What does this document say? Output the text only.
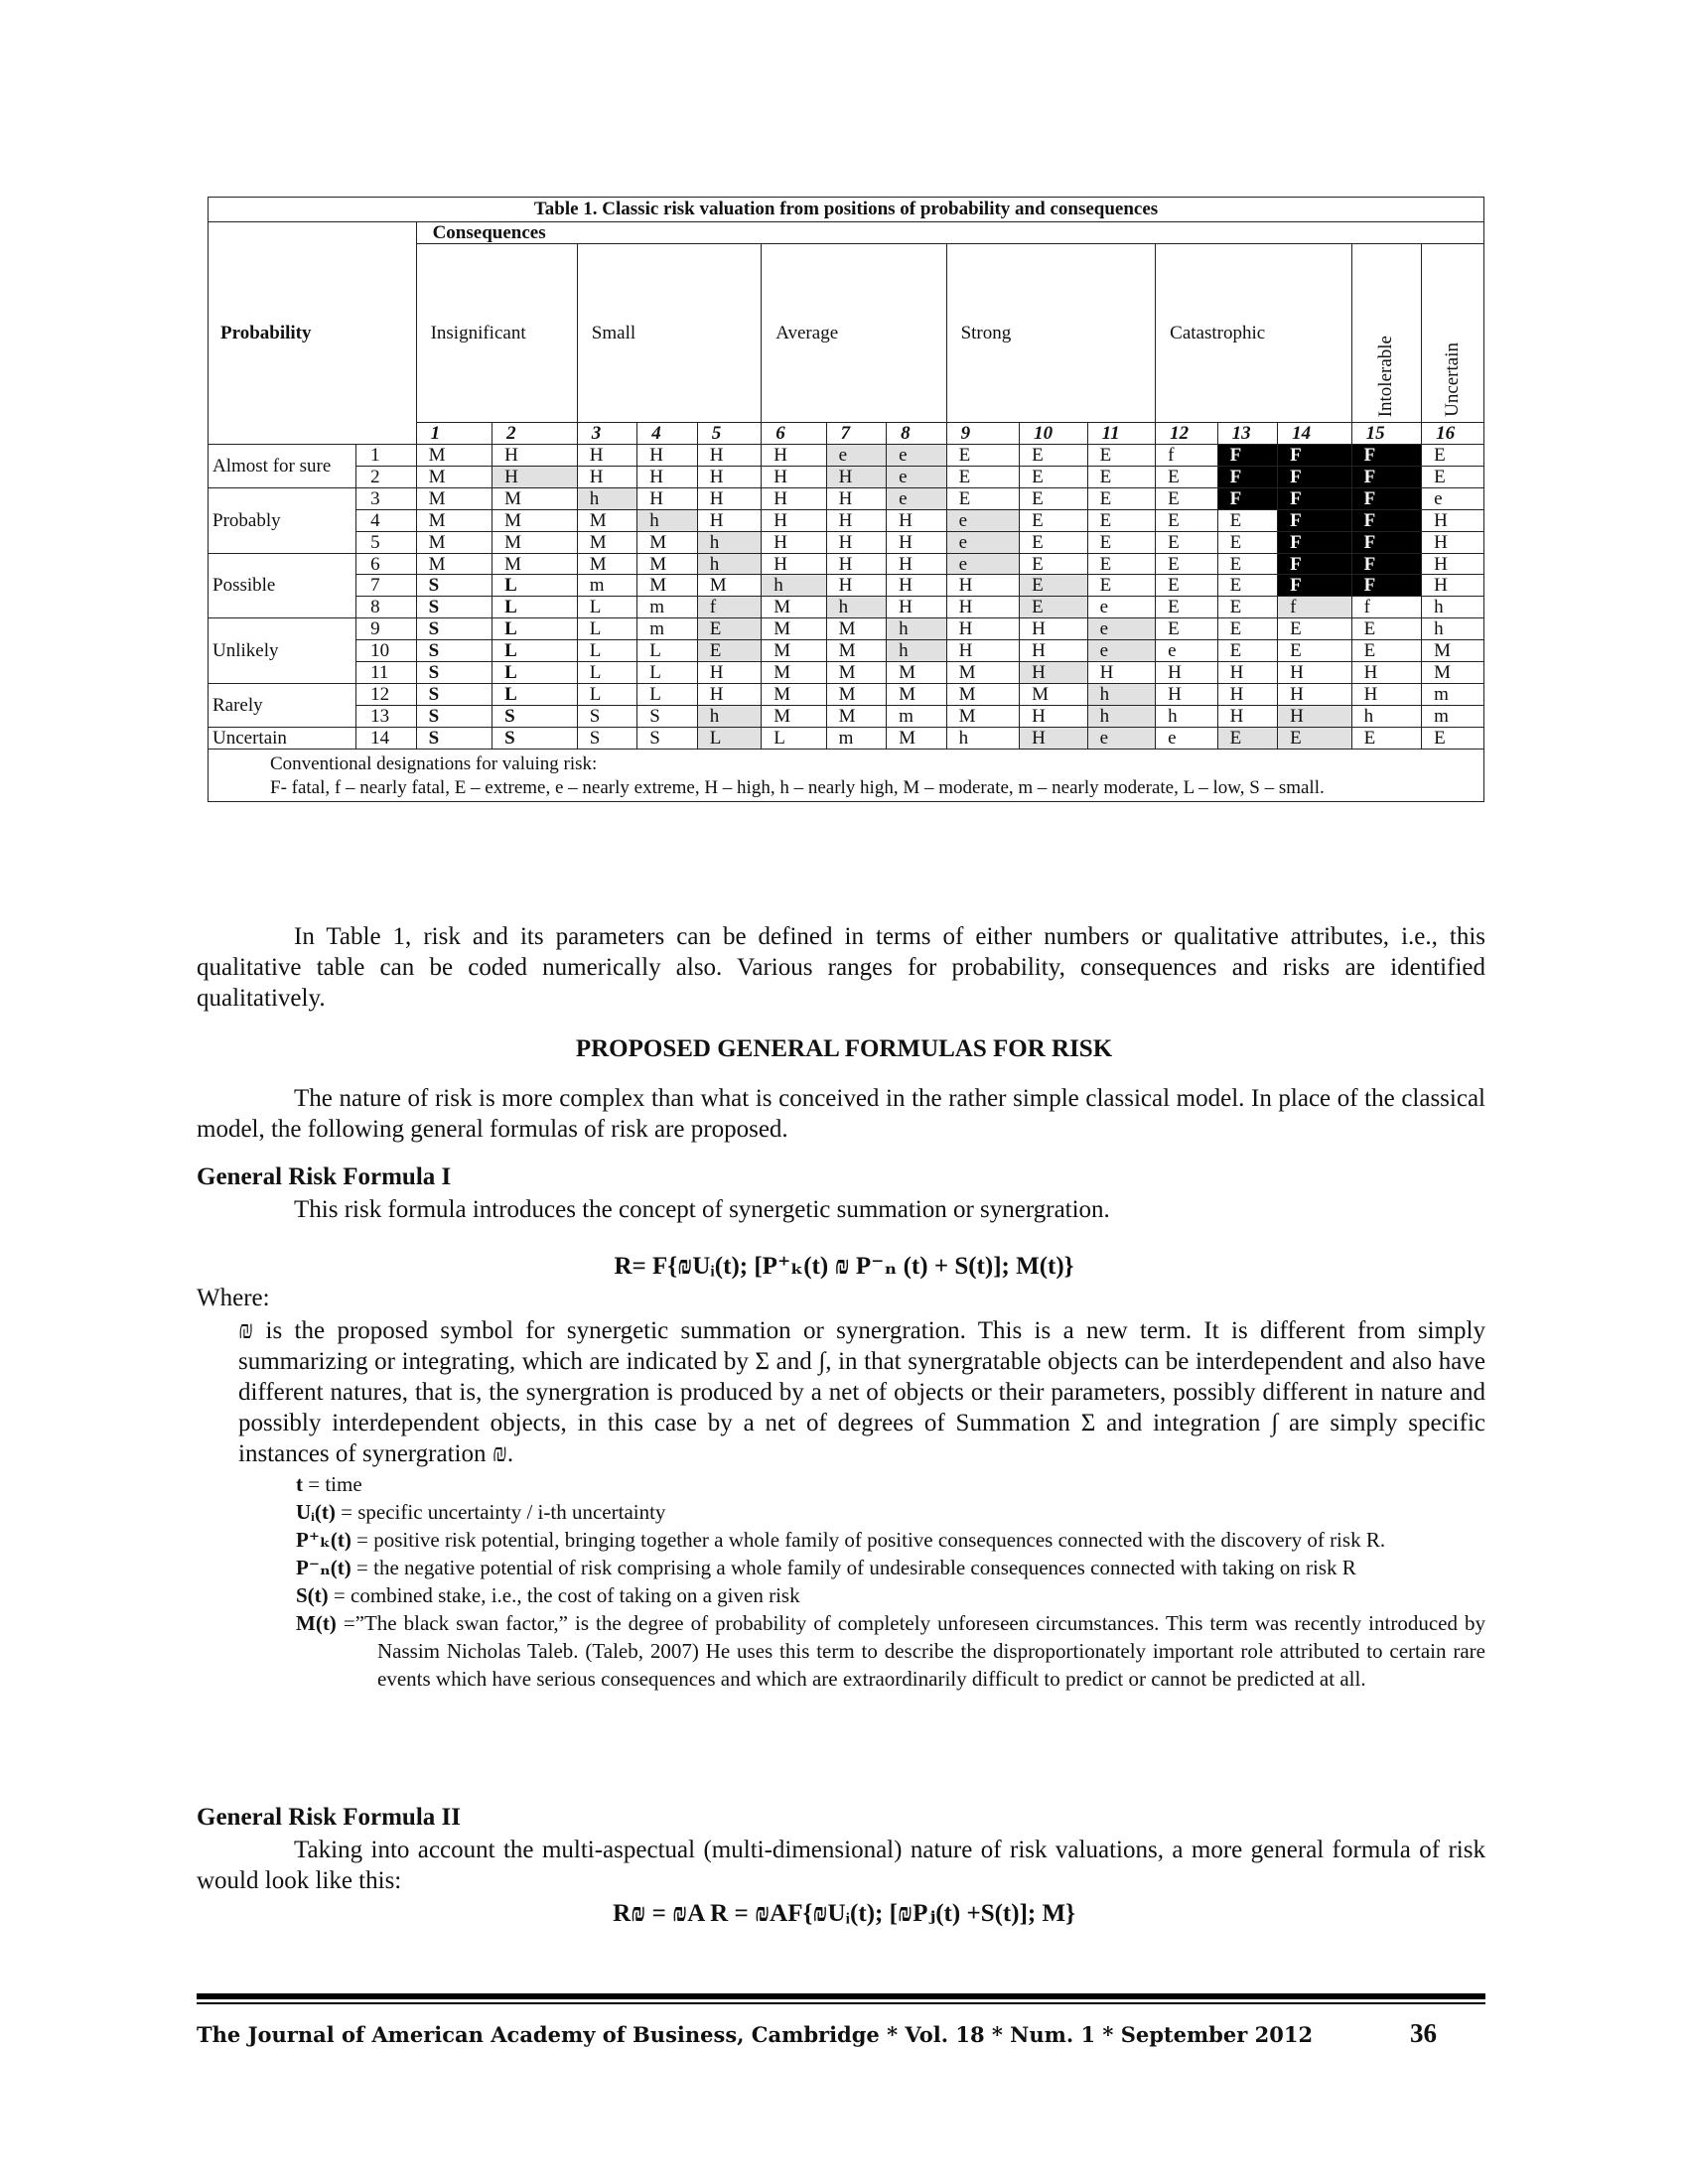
Table 1. Classic risk valuation from positions of probability and consequences																	
Probability		Consequences															
		Insignificant		Small			Average			Strong			Catastrophic			Intolerable	Uncertain
		1	2	3	4	5	6	7	8	9	10	11	12	13	14	15	16
Almost for sure	1	M	H	H	H	H	H	e	e	E	E	E	f	F	F	F	E
	2	M	H	H	H	H	H	H	e	E	E	E	E	F	F	F	E
Probably	3	M	M	h	H	H	H	H	e	E	E	E	E	F	F	F	e
	4	M	M	M	h	H	H	H	H	e	E	E	E	E	F	F	H
	5	M	M	M	M	h	H	H	H	e	E	E	E	E	F	F	H
Possible	6	M	M	M	M	h	H	H	H	e	E	E	E	E	F	F	H
	7	S	L	m	M	M	h	H	H	H	E	E	E	E	F	F	H
	8	S	L	L	m	f	M	h	H	H	E	e	E	E	f	f	h
Unlikely	9	S	L	L	m	E	M	M	h	H	H	e	E	E	E	E	h
	10	S	L	L	L	E	M	M	h	H	H	e	e	E	E	E	M
	11	S	L	L	L	H	M	M	M	M	H	H	H	H	H	H	M
Rarely	12	S	L	L	L	H	M	M	M	M	M	h	H	H	H	H	m
	13	S	S	S	S	h	M	M	m	M	H	h	h	H	H	h	m
Uncertain	14	S	S	S	S	L	L	m	M	h	H	e	e	E	E	E	E

Conventional designations for valuing risk:
F- fatal, f – nearly fatal, E – extreme, e – nearly extreme, H – high, h – nearly high, M – moderate, m – nearly moderate, L – low, S – small.																	

In Table 1, risk and its parameters can be defined in terms of either numbers or qualitative attributes, i.e., this qualitative table can be coded numerically also. Various ranges for probability, consequences and risks are identified qualitatively.

PROPOSED GENERAL FORMULAS FOR RISK

The nature of risk is more complex than what is conceived in the rather simple classical model. In place of the classical model, the following general formulas of risk are proposed.

General Risk Formula I
This risk formula introduces the concept of synergetic summation or synergration.
R= F{₪Uᵢ(t); [P⁺ₖ(t) ₪ P⁻ₙ (t) + S(t)]; M(t)}
Where:

₪ is the proposed symbol for synergetic summation or synergration. This is a new term. It is different from simply summarizing or integrating, which are indicated by Σ and ∫, in that synergratable objects can be interdependent and also have different natures, that is, the synergration is produced by a net of objects or their parameters, possibly different in nature and possibly interdependent objects, in this case by a net of degrees of Summation Σ and integration ∫ are simply specific instances of synergration ₪.

t = time

Uᵢ(t) = specific uncertainty / i-th uncertainty

P⁺ₖ(t) = positive risk potential, bringing together a whole family of positive consequences connected with the discovery of risk R.

P⁻ₙ(t) = the negative potential of risk comprising a whole family of undesirable consequences connected with taking on risk R

S(t) = combined stake, i.e., the cost of taking on a given risk

M(t) =”The black swan factor,” is the degree of probability of completely unforeseen circumstances. This term was recently introduced by Nassim Nicholas Taleb. (Taleb, 2007) He uses this term to describe the disproportionately important role attributed to certain rare events which have serious consequences and which are extraordinarily difficult to predict or cannot be predicted at all.

General Risk Formula II

Taking into account the multi-aspectual (multi-dimensional) nature of risk valuations, a more general formula of risk would look like this:

R₪ = ₪A R = ₪AF{₪Uᵢ(t); [₪Pⱼ(t) +S(t)]; M}
The Journal of American Academy of Business, Cambridge * Vol. 18 * Num. 1 * September 2012	36
